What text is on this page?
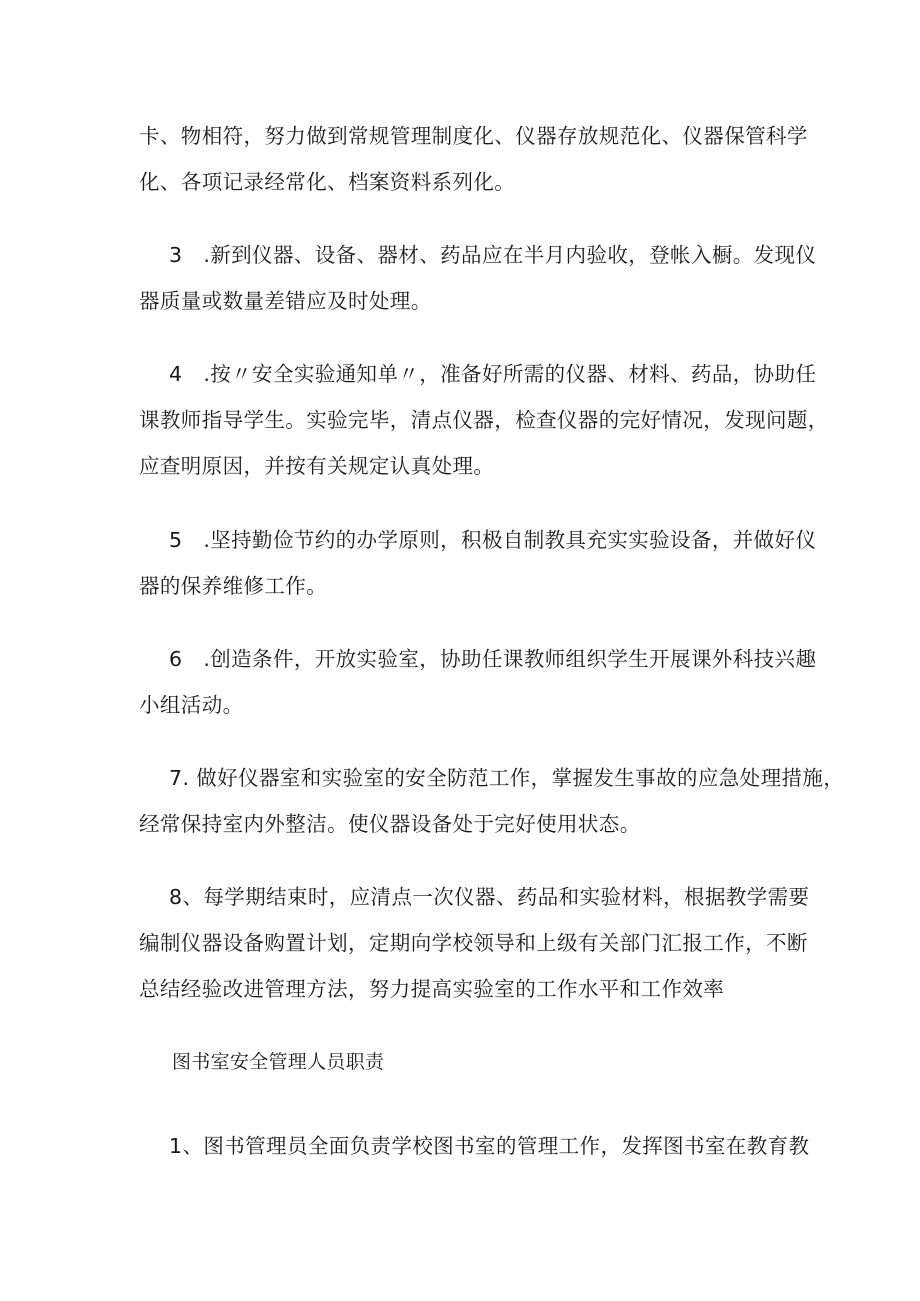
卡、物相符，努力做到常规管理制度化、仪器存放规范化、仪器保管科学
化、各项记录经常化、档案资料系列化。

3　.新到仪器、设备、器材、药品应在半月内验收，登帐入橱。发现仪
器质量或数量差错应及时处理。

4　.按〃安全实验通知单〃，准备好所需的仪器、材料、药品，协助任
课教师指导学生。实验完毕，清点仪器，检查仪器的完好情况，发现问题，
应查明原因，并按有关规定认真处理。

5　.坚持勤俭节约的办学原则，积极自制教具充实实验设备，并做好仪
器的保养维修工作。

6　.创造条件，开放实验室，协助任课教师组织学生开展课外科技兴趣
小组活动。

7. 做好仪器室和实验室的安全防范工作，掌握发生事故的应急处理措施，
经常保持室内外整洁。使仪器设备处于完好使用状态。

8、每学期结束时，应清点一次仪器、药品和实验材料，根据教学需要
编制仪器设备购置计划，定期向学校领导和上级有关部门汇报工作，不断
总结经验改进管理方法，努力提高实验室的工作水平和工作效率

图书室安全管理人员职责

1、图书管理员全面负责学校图书室的管理工作，发挥图书室在教育教
